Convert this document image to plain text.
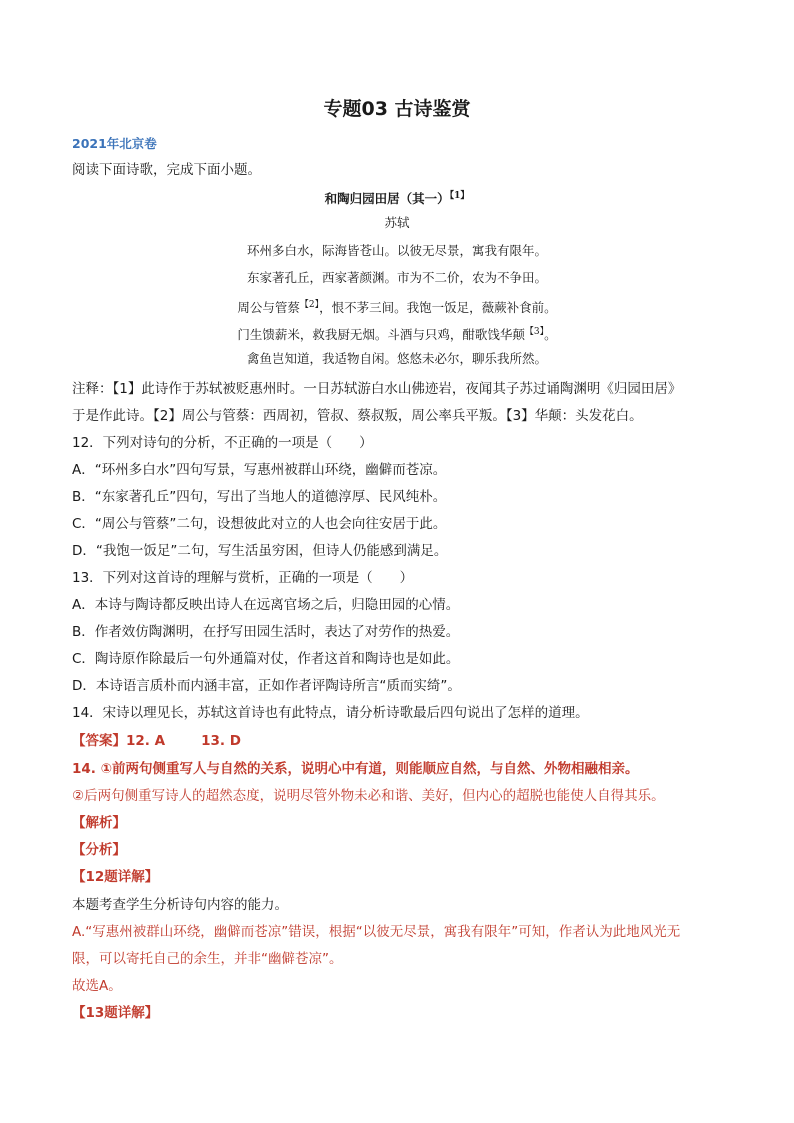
专题03 古诗鉴赏
2021年北京卷
阅读下面诗歌，完成下面小题。
和陶归园田居（其一）$^{【1】}$
苏轼
环州多白水，际海皆苍山。以彼无尽景，寓我有限年。
东家著孔丘，西家著颜渊。市为不二价，农为不争田。
周公与管蔡$^{【2】}$，恨不茅三间。我饱一饭足，薇蕨补食前。
门生馈薪米，救我厨无烟。斗酒与只鸡，酣歌饯华颠$^{【3】}$。
禽鱼岂知道，我适物自闲。悠悠未必尔，聊乐我所然。
注释：【1】此诗作于苏轼被贬惠州时。一日苏轼游白水山佛迹岩，夜闻其子苏过诵陶渊明《归园田居》
于是作此诗。【2】周公与管蔡：西周初，管叔、蔡叔叛，周公率兵平叛。【3】华颠：头发花白。
12．下列对诗句的分析，不正确的一项是（　　）
A．“环州多白水”四句写景，写惠州被群山环绕，幽僻而苍凉。
B．“东家著孔丘”四句，写出了当地人的道德淳厚、民风纯朴。
C．“周公与管蔡”二句，设想彼此对立的人也会向往安居于此。
D．“我饱一饭足”二句，写生活虽穷困，但诗人仍能感到满足。
13．下列对这首诗的理解与赏析，正确的一项是（　　）
A．本诗与陶诗都反映出诗人在远离官场之后，归隐田园的心情。
B．作者效仿陶渊明，在抒写田园生活时，表达了对劳作的热爱。
C．陶诗原作除最后一句外通篇对仗，作者这首和陶诗也是如此。
D．本诗语言质朴而内涵丰富，正如作者评陶诗所言“质而实绮”。
14．宋诗以理见长，苏轼这首诗也有此特点，请分析诗歌最后四句说出了怎样的道理。
【答案】12. A	13. D
14. ①前两句侧重写人与自然的关系，说明心中有道，则能顺应自然，与自然、外物相融相亲。
②后两句侧重写诗人的超然态度，说明尽管外物未必和谐、美好，但内心的超脱也能使人自得其乐。
【解析】
【分析】
【12题详解】
本题考查学生分析诗句内容的能力。
A.“写惠州被群山环绕，幽僻而苍凉”错误，根据“以彼无尽景，寓我有限年”可知，作者认为此地风光无
限，可以寄托自己的余生，并非“幽僻苍凉”。
故选A。
【13题详解】
